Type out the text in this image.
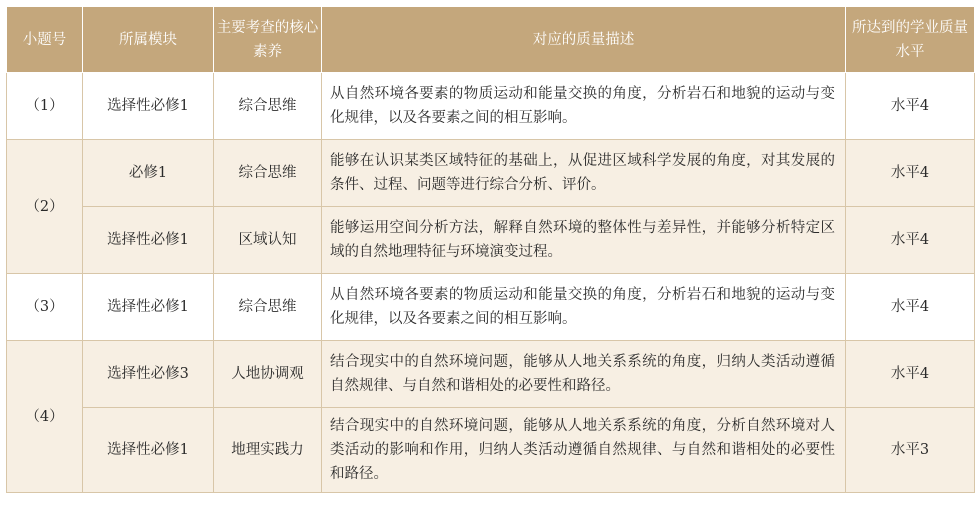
小题号	所属模块	主要考查的核心素养	对应的质量描述	所达到的学业质量水平
（1）	选择性必修1	综合思维	从自然环境各要素的物质运动和能量交换的角度，分析岩石和地貌的运动与变化规律，以及各要素之间的相互影响。	水平4
（2）	必修1	综合思维	能够在认识某类区域特征的基础上，从促进区域科学发展的角度，对其发展的条件、过程、问题等进行综合分析、评价。	水平4
	选择性必修1	区域认知	能够运用空间分析方法，解释自然环境的整体性与差异性，并能够分析特定区域的自然地理特征与环境演变过程。	水平4
（3）	选择性必修1	综合思维	从自然环境各要素的物质运动和能量交换的角度，分析岩石和地貌的运动与变化规律，以及各要素之间的相互影响。	水平4
（4）	选择性必修3	人地协调观	结合现实中的自然环境问题，能够从人地关系系统的角度，归纳人类活动遵循自然规律、与自然和谐相处的必要性和路径。	水平4
	选择性必修1	地理实践力	结合现实中的自然环境问题，能够从人地关系系统的角度，分析自然环境对人类活动的影响和作用，归纳人类活动遵循自然规律、与自然和谐相处的必要性和路径。	水平3
